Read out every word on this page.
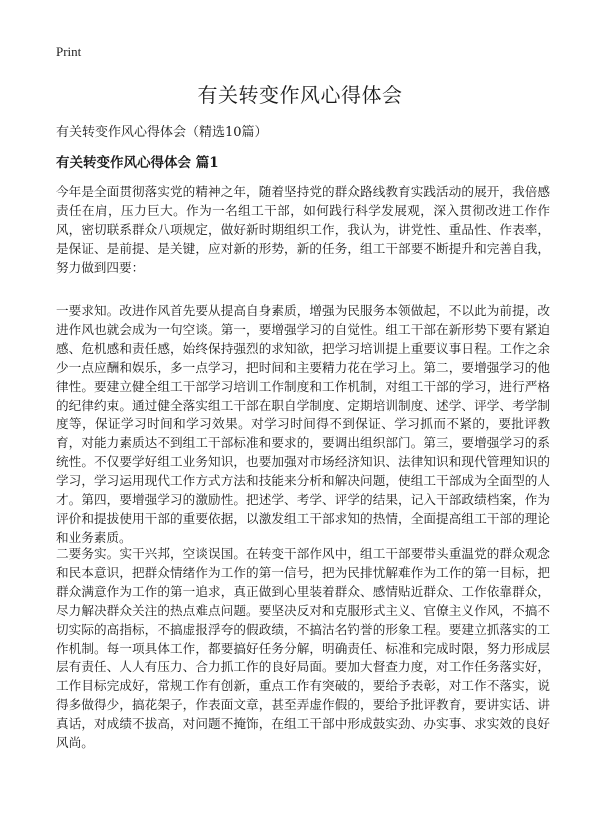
Print
有关转变作风心得体会

有关转变作风心得体会（精选10篇）

有关转变作风心得体会 篇1

今年是全面贯彻落实党的精神之年，随着坚持党的群众路线教育实践活动的展开，我倍感责任在肩，压力巨大。作为一名组工干部，如何践行科学发展观，深入贯彻改进工作作风，密切联系群众八项规定，做好新时期组织工作，我认为，讲党性、重品性、作表率，是保证、是前提、是关键，应对新的形势，新的任务，组工干部要不断提升和完善自我，努力做到四要：

一要求知。改进作风首先要从提高自身素质，增强为民服务本领做起，不以此为前提，改进作风也就会成为一句空谈。第一，要增强学习的自觉性。组工干部在新形势下要有紧迫感、危机感和责任感，始终保持强烈的求知欲，把学习培训提上重要议事日程。工作之余少一点应酬和娱乐，多一点学习，把时间和主要精力花在学习上。第二，要增强学习的他律性。要建立健全组工干部学习培训工作制度和工作机制，对组工干部的学习，进行严格的纪律约束。通过健全落实组工干部在职自学制度、定期培训制度、述学、评学、考学制度等，保证学习时间和学习效果。对学习时间得不到保证、学习抓而不紧的，要批评教育，对能力素质达不到组工干部标准和要求的，要调出组织部门。第三，要增强学习的系统性。不仅要学好组工业务知识，也要加强对市场经济知识、法律知识和现代管理知识的学习，学习运用现代工作方式方法和技能来分析和解决问题，使组工干部成为全面型的人才。第四，要增强学习的激励性。把述学、考学、评学的结果，记入干部政绩档案，作为评价和提拔使用干部的重要依据，以激发组工干部求知的热情，全面提高组工干部的理论和业务素质。

二要务实。实干兴邦，空谈误国。在转变干部作风中，组工干部要带头重温党的群众观念和民本意识，把群众情绪作为工作的第一信号，把为民排忧解难作为工作的第一目标，把群众满意作为工作的第一追求，真正做到心里装着群众、感情贴近群众、工作依靠群众，尽力解决群众关注的热点难点问题。要坚决反对和克服形式主义、官僚主义作风，不搞不切实际的高指标，不搞虚报浮夸的假政绩，不搞沽名钓誉的形象工程。要建立抓落实的工作机制。每一项具体工作，都要搞好任务分解，明确责任、标准和完成时限，努力形成层层有责任、人人有压力、合力抓工作的良好局面。要加大督查力度，对工作任务落实好，工作目标完成好，常规工作有创新，重点工作有突破的，要给予表彰，对工作不落实，说得多做得少，搞花架子，作表面文章，甚至弄虚作假的，要给予批评教育，要讲实话、讲真话，对成绩不拔高，对问题不掩饰，在组工干部中形成鼓实劲、办实事、求实效的良好风尚。
